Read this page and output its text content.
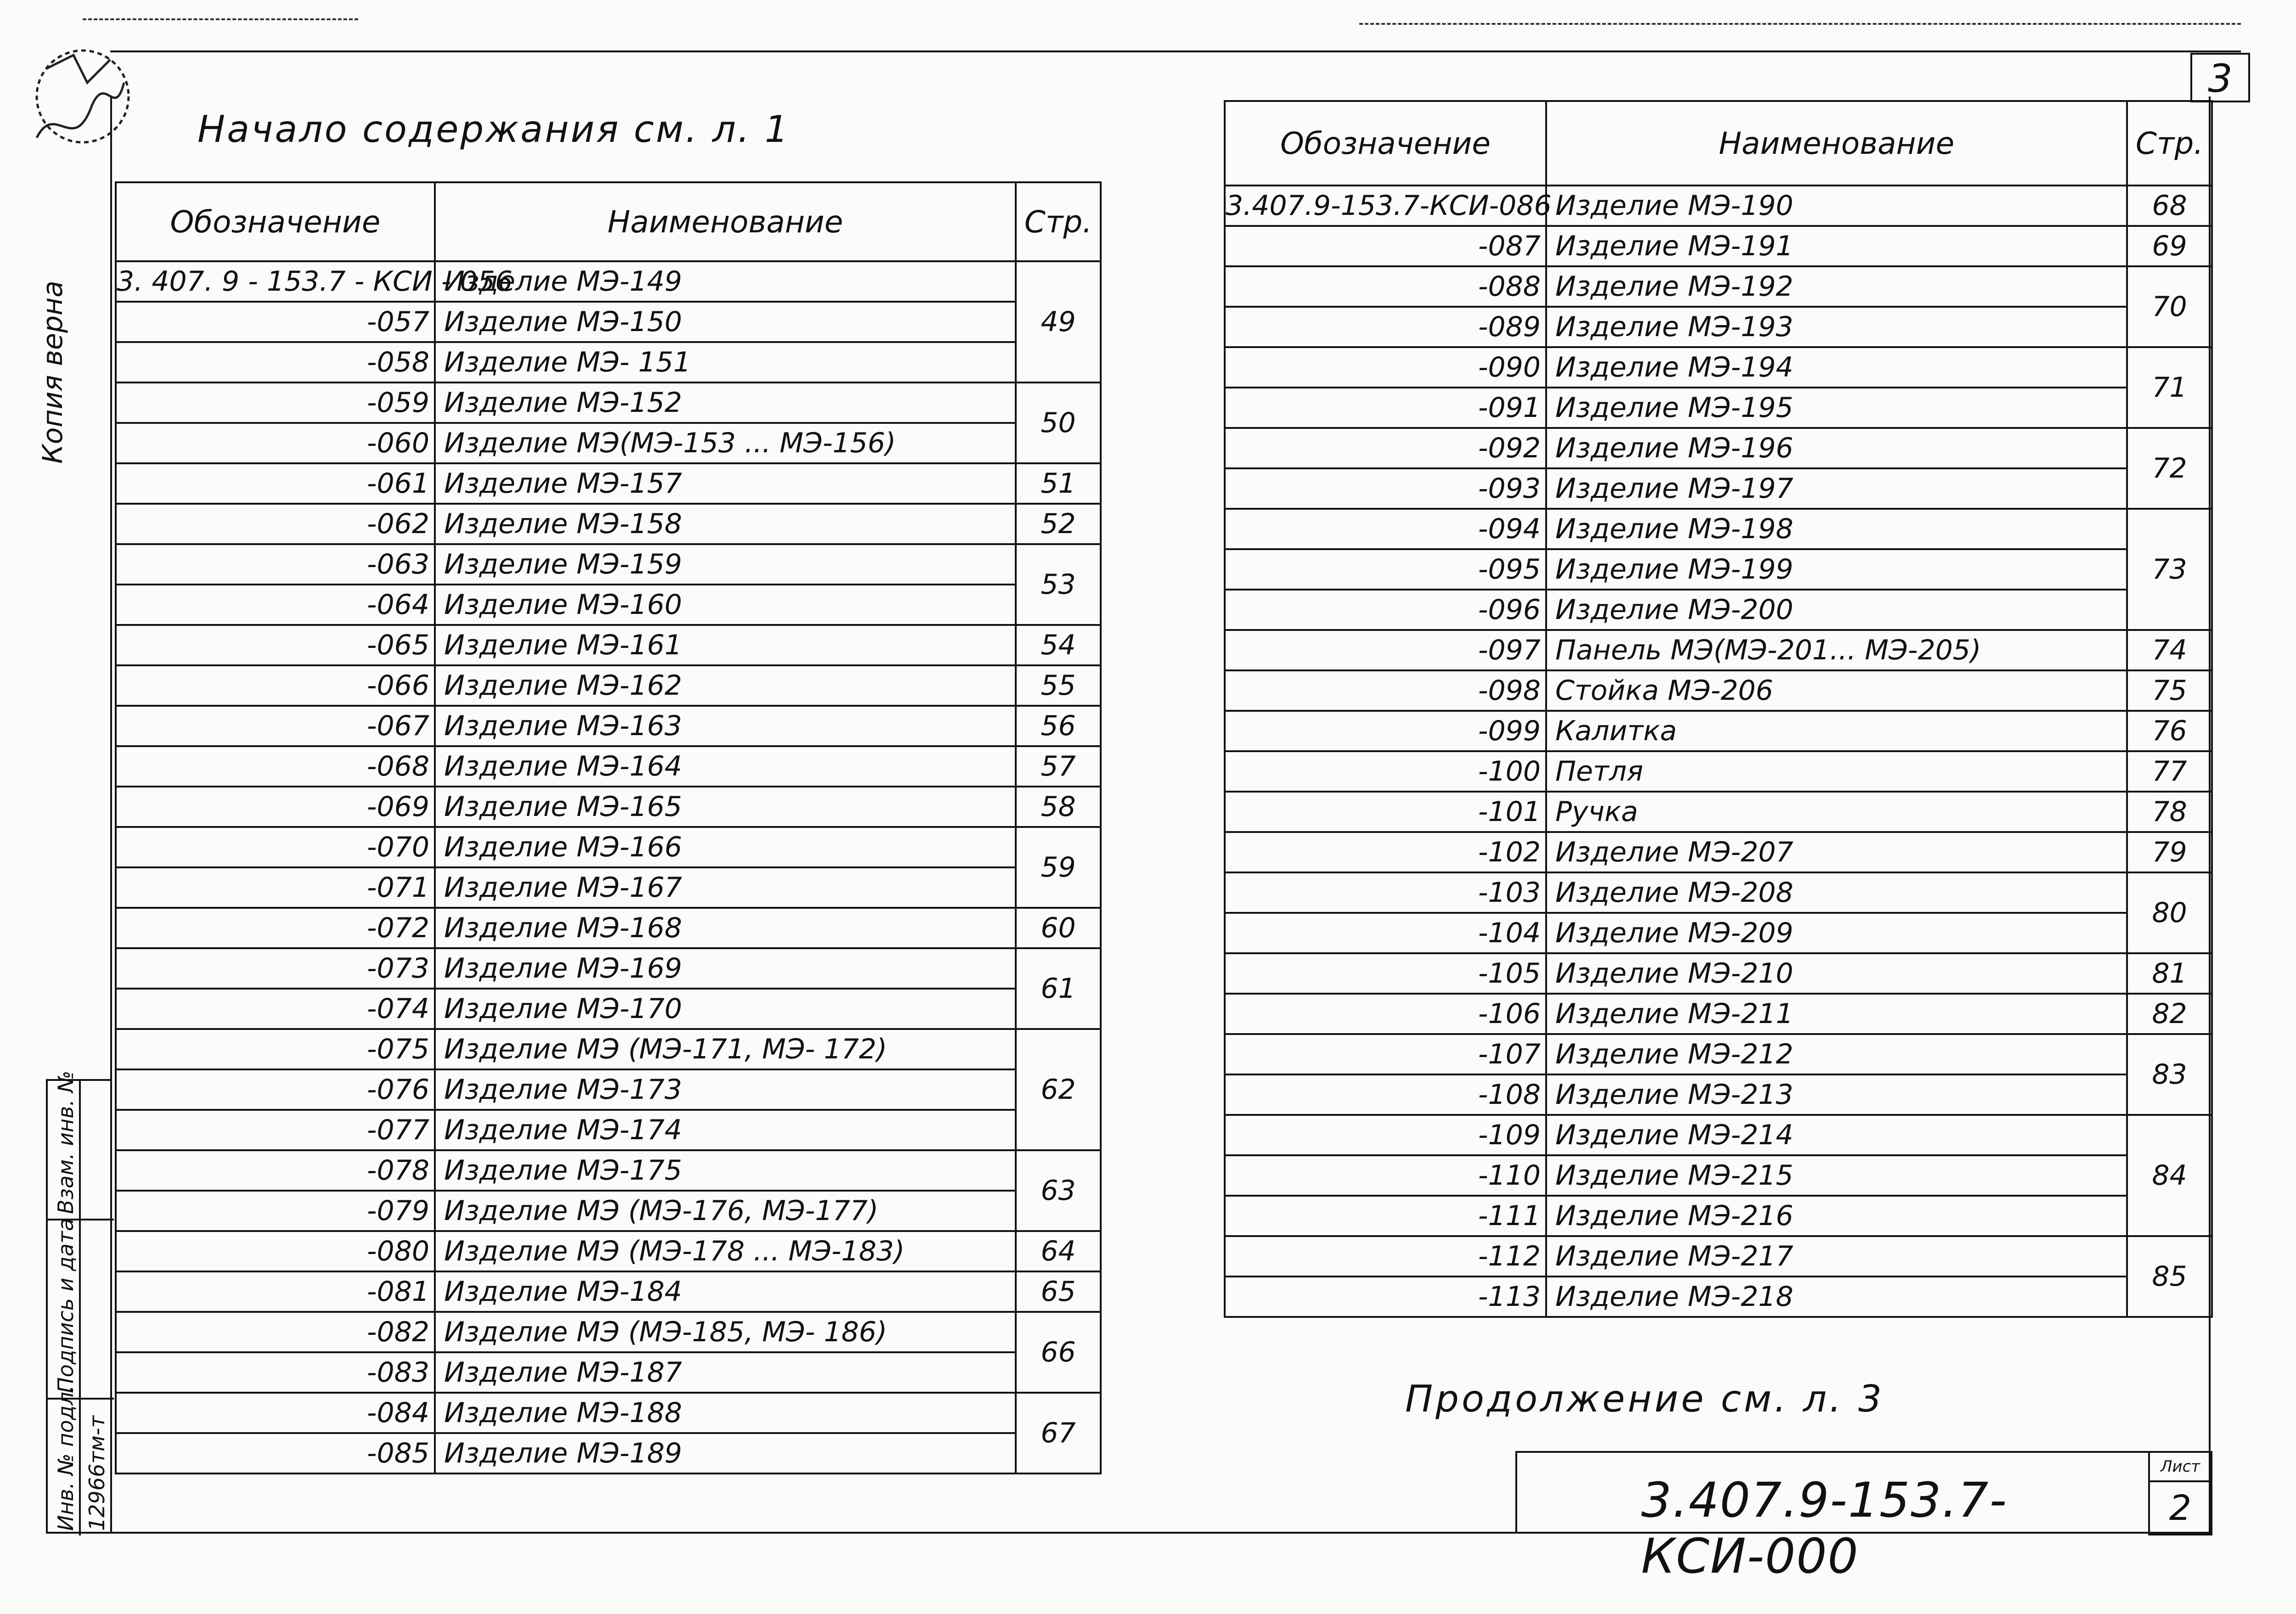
3
Начало содержания см. л. 1
Обозначение	Наименование	Стр.
3. 407. 9 - 153.7 - КСИ - 056	Изделие МЭ-149	49
-057	Изделие МЭ-150	
-058	Изделие МЭ- 151	
-059	Изделие МЭ-152	50
-060	Изделие МЭ(МЭ-153 ... МЭ-156)	
-061	Изделие МЭ-157	51
-062	Изделие МЭ-158	52
-063	Изделие МЭ-159	53
-064	Изделие МЭ-160	
-065	Изделие МЭ-161	54
-066	Изделие МЭ-162	55
-067	Изделие МЭ-163	56
-068	Изделие МЭ-164	57
-069	Изделие МЭ-165	58
-070	Изделие МЭ-166	59
-071	Изделие МЭ-167	
-072	Изделие МЭ-168	60
-073	Изделие МЭ-169	61
-074	Изделие МЭ-170	
-075	Изделие МЭ (МЭ-171, МЭ- 172)	62
-076	Изделие МЭ-173	
-077	Изделие МЭ-174	
-078	Изделие МЭ-175	63
-079	Изделие МЭ (МЭ-176, МЭ-177)	
-080	Изделие МЭ (МЭ-178 ... МЭ-183)	64
-081	Изделие МЭ-184	65
-082	Изделие МЭ (МЭ-185, МЭ- 186)	66
-083	Изделие МЭ-187	
-084	Изделие МЭ-188	67
-085	Изделие МЭ-189	
Обозначение	Наименование	Стр.
3.407.9-153.7-КСИ-086	Изделие МЭ-190	68
-087	Изделие МЭ-191	69
-088	Изделие МЭ-192	70
-089	Изделие МЭ-193	
-090	Изделие МЭ-194	71
-091	Изделие МЭ-195	
-092	Изделие МЭ-196	72
-093	Изделие МЭ-197	
-094	Изделие МЭ-198	73
-095	Изделие МЭ-199	
-096	Изделие МЭ-200	
-097	Панель МЭ(МЭ-201... МЭ-205)	74
-098	Стойка МЭ-206	75
-099	Калитка	76
-100	Петля	77
-101	Ручка	78
-102	Изделие МЭ-207	79
-103	Изделие МЭ-208	80
-104	Изделие МЭ-209	
-105	Изделие МЭ-210	81
-106	Изделие МЭ-211	82
-107	Изделие МЭ-212	83
-108	Изделие МЭ-213	
-109	Изделие МЭ-214	84
-110	Изделие МЭ-215	
-111	Изделие МЭ-216	
-112	Изделие МЭ-217	85
-113	Изделие МЭ-218	
Продолжение см. л. 3
3.407.9-153.7-КСИ-000
Лист
2
Копия верна
Взам. инв. №
Подпись и дата
Инв. № подл. 12966тм-т
